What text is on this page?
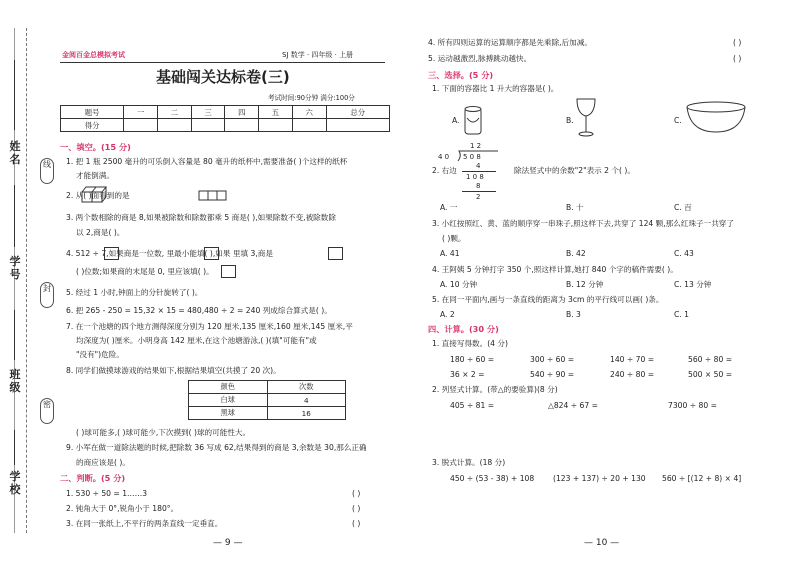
姓名	线
学号
封
班级
密
学校
金阅百金总模拟考试	SJ 数学 · 四年级 · 上册
基础闯关达标卷(三)
考试时间:90分钟 满分:100分
题号	一	二	三	四	五	六	总分
得分							
一、填空。(15 分)
1. 把 1 瓶 2500 毫升的可乐倒入容量是 80 毫升的纸杯中,需要准备( )个这样的纸杯
才能倒满。
2. 从( )面看到的是
3. 两个数相除的商是 8,如果被除数和除数都乘 5 商是( ),如果除数不变,被除数除
以 2,商是( )。
4. 512 ÷ 7,如果商是一位数, 里最小能填( ),如果 里填 3,商是
( )位数;如果商的末尾是 0, 里应该填( )。
5. 经过 1 小时,钟面上的分针旋转了( )。
6. 把 265 - 250 = 15,32 × 15 = 480,480 ÷ 2 = 240 列成综合算式是( )。
7. 在一个池塘的四个地方测得深度分别为 120 厘米,135 厘米,160 厘米,145 厘米,平
均深度为( )厘米。小明身高 142 厘米,在这个池塘游泳,( )(填"可能有"或
"没有")危险。
8. 同学们做摸球游戏的结果如下,根据结果填空(共摸了 20 次)。
颜色	次数
白球	4
黑球	16
( )球可能多,( )球可能少,下次摸到( )球的可能性大。
9. 小军在做一道除法题的时候,把除数 36 写成 62,结果得到的商是 3,余数是 30,那么正确
的商应该是( )。
二、判断。(5 分)
1. 530 ÷ 50 = 1……3	( )
2. 钝角大于 0°,锐角小于 180°。	( )
3. 在同一张纸上,不平行的两条直线一定垂直。	( )
— 9 —
4. 所有四则运算的运算顺序都是先乘除,后加减。	( )
5. 运动越激烈,脉搏跳动越快。	( )
三、选择。(5 分)
1. 下面的容器比 1 升大的容器是( )。
A.	B.	C.
2. 右边
1 2
4 0 5 0 8
4
1 0 8
8
2
除法竖式中的余数"2"表示 2 个( )。
A. 一	B. 十	C. 百
3. 小红按照红、黄、蓝的顺序穿一串珠子,照这样下去,共穿了 124 颗,那么红珠子一共穿了
( )颗。
A. 41	B. 42	C. 43
4. 王阿姨 5 分钟打字 350 个,照这样计算,她打 840 个字的稿件需要( )。
A. 10 分钟	B. 12 分钟	C. 13 分钟
5. 在同一平面内,画与一条直线的距离为 3cm 的平行线可以画( )条。
A. 2	B. 3	C. 1
四、计算。(30 分)
1. 直接写得数。(4 分)
180 ÷ 60 =	300 ÷ 60 =	140 ÷ 70 =	560 ÷ 80 =
36 × 2 =	540 ÷ 90 =	240 ÷ 80 =	500 × 50 =
2. 列竖式计算。(带△的要验算)(8 分)
405 ÷ 81 =	△824 ÷ 67 =	7300 ÷ 80 =
3. 脱式计算。(18 分)
450 ÷ (53 - 38) + 108 (123 + 137) ÷ 20 + 130 560 ÷ [(12 + 8) × 4]
— 10 —
